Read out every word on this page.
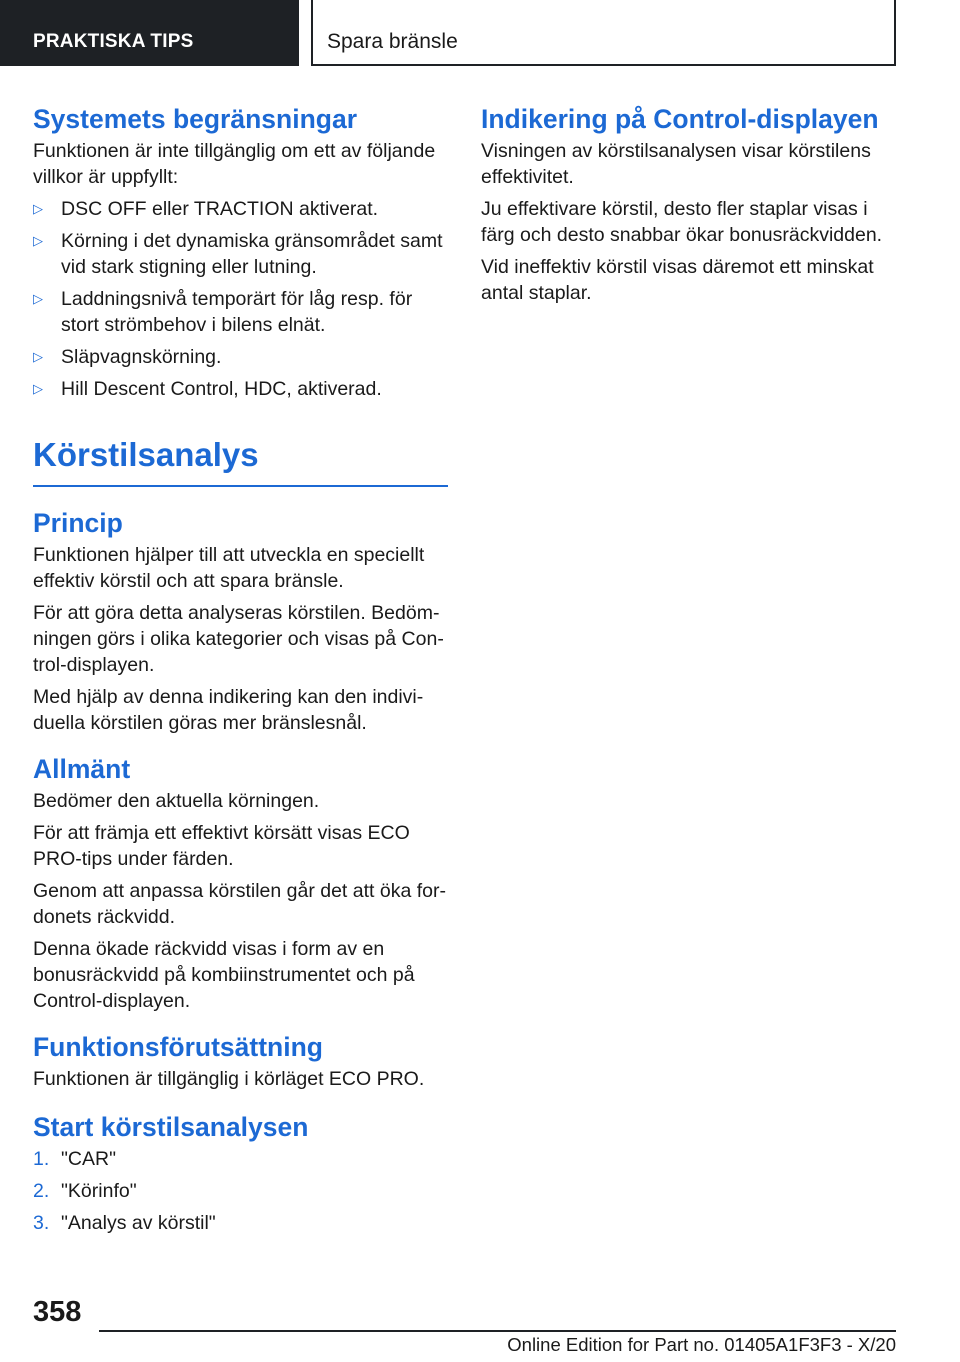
PRAKTISKA TIPS	Spara bränsle
Systemets begränsningar

Funktionen är inte tillgänglig om ett av följande villkor är uppfyllt:

▷ DSC OFF eller TRACTION aktiverat.
▷ Körning i det dynamiska gränsområdet samt vid stark stigning eller lutning.
▷ Laddningsnivå temporärt för låg resp. för stort strömbehov i bilens elnät.
▷ Släpvagnskörning.
▷ Hill Descent Control, HDC, aktiverad.
Körstilsanalys
Princip

Funktionen hjälper till att utveckla en speciellt effektiv körstil och att spara bränsle.

För att göra detta analyseras körstilen. Bedömningen görs i olika kategorier och visas på Control-displayen.

Med hjälp av denna indikering kan den individuella körstilen göras mer bränslesnål.

Allmänt

Bedömer den aktuella körningen.

För att främja ett effektivt körsätt visas ECO PRO-tips under färden.

Genom att anpassa körstilen går det att öka fordonets räckvidd.

Denna ökade räckvidd visas i form av en bonusräckvidd på kombiinstrumentet och på Control-displayen.

Funktionsförutsättning

Funktionen är tillgänglig i körläget ECO PRO.

Start körstilsanalysen
1. "CAR"
2. "Körinfo"
3. "Analys av körstil"
Indikering på Control-displayen

Visningen av körstilsanalysen visar körstilens effektivitet.

Ju effektivare körstil, desto fler staplar visas i färg och desto snabbar ökar bonusräckvidden.

Vid ineffektiv körstil visas däremot ett minskat antal staplar.

358
Online Edition for Part no. 01405A1F3F3 - X/20
